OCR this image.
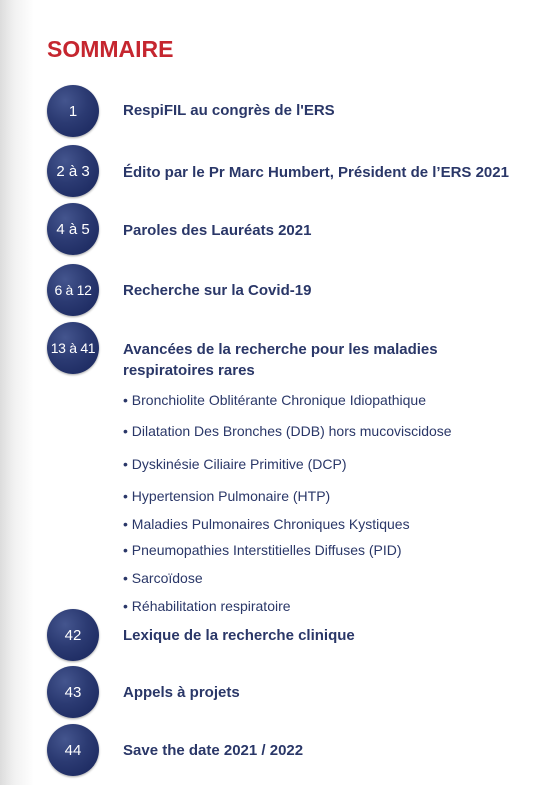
SOMMAIRE
1	RespiFIL au congrès de l'ERS
2 à 3	Édito par le Pr Marc Humbert, Président de l’ERS 2021
4 à 5	Paroles des Lauréats 2021
6 à 12	Recherche sur la Covid-19
13 à 41 Avancées de la recherche pour les maladies
respiratoires rares
• Bronchiolite Oblitérante Chronique Idiopathique
• Dilatation Des Bronches (DDB) hors mucoviscidose
• Dyskinésie Ciliaire Primitive (DCP)
• Hypertension Pulmonaire (HTP)
• Maladies Pulmonaires Chroniques Kystiques
• Pneumopathies Interstitielles Diffuses (PID)
• Sarcoïdose
• Réhabilitation respiratoire
42	Lexique de la recherche clinique
43	Appels à projets
44	Save the date 2021 / 2022
